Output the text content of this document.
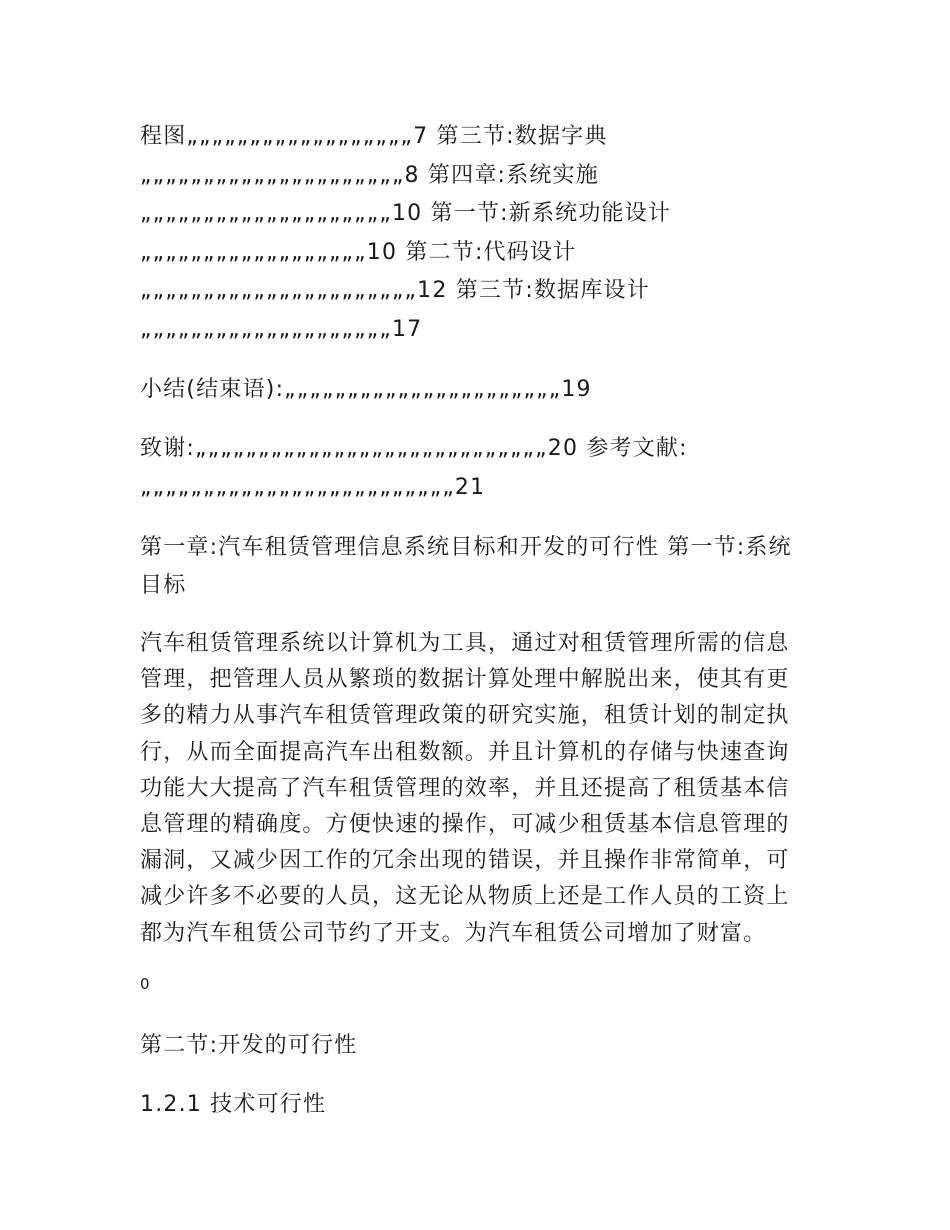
程图„„„„„„„„„„„„„„„„„„7 第三节:数据字典„„„„„„„„„„„„„„„„„„„„„8 第四章:系统实施„„„„„„„„„„„„„„„„„„„„10 第一节:新系统功能设计„„„„„„„„„„„„„„„„„„10 第二节:代码设计„„„„„„„„„„„„„„„„„„„„„„12 第三节:数据库设计„„„„„„„„„„„„„„„„„„„„17

小结(结束语):„„„„„„„„„„„„„„„„„„„„„„19

致谢:„„„„„„„„„„„„„„„„„„„„„„„„„„„„20 参考文献:„„„„„„„„„„„„„„„„„„„„„„„„„21

第一章:汽车租赁管理信息系统目标和开发的可行性 第一节:系统目标

汽车租赁管理系统以计算机为工具，通过对租赁管理所需的信息管理，把管理人员从繁琐的数据计算处理中解脱出来，使其有更多的精力从事汽车租赁管理政策的研究实施，租赁计划的制定执行，从而全面提高汽车出租数额。并且计算机的存储与快速查询功能大大提高了汽车租赁管理的效率，并且还提高了租赁基本信息管理的精确度。方便快速的操作，可减少租赁基本信息管理的漏洞，又减少因工作的冗余出现的错误，并且操作非常简单，可减少许多不必要的人员，这无论从物质上还是工作人员的工资上都为汽车租赁公司节约了开支。为汽车租赁公司增加了财富。

0

第二节:开发的可行性

1.2.1 技术可行性
